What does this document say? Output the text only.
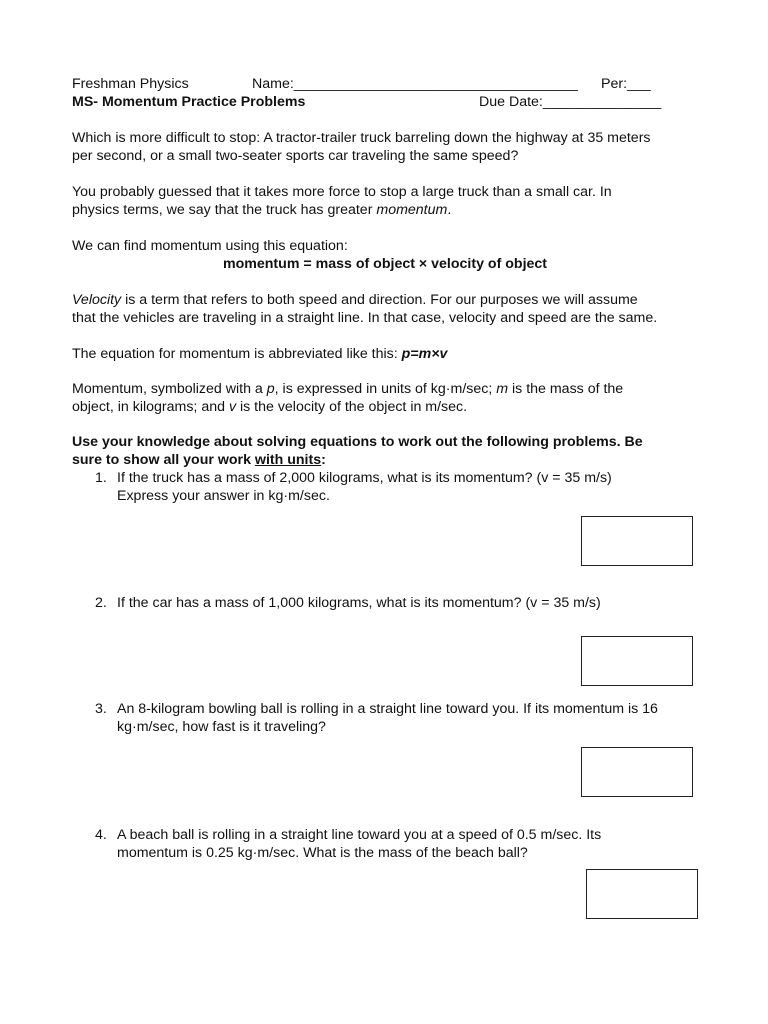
Freshman Physics	Name:____________________________________ Per:___
MS- Momentum Practice Problems	Due Date:_______________
Which is more difficult to stop: A tractor-trailer truck barreling down the highway at 35 meters
per second, or a small two-seater sports car traveling the same speed?
You probably guessed that it takes more force to stop a large truck than a small car. In
physics terms, we say that the truck has greater momentum.
We can find momentum using this equation:
momentum = mass of object × velocity of object
Velocity is a term that refers to both speed and direction. For our purposes we will assume
that the vehicles are traveling in a straight line. In that case, velocity and speed are the same.
The equation for momentum is abbreviated like this: p=m×v
Momentum, symbolized with a p, is expressed in units of kg·m/sec; m is the mass of the
object, in kilograms; and v is the velocity of the object in m/sec.
Use your knowledge about solving equations to work out the following problems. Be
sure to show all your work with units:
1. If the truck has a mass of 2,000 kilograms, what is its momentum? (v = 35 m/s)
Express your answer in kg·m/sec.
2. If the car has a mass of 1,000 kilograms, what is its momentum? (v = 35 m/s)
3. An 8-kilogram bowling ball is rolling in a straight line toward you. If its momentum is 16
kg·m/sec, how fast is it traveling?
4. A beach ball is rolling in a straight line toward you at a speed of 0.5 m/sec. Its
momentum is 0.25 kg·m/sec. What is the mass of the beach ball?
